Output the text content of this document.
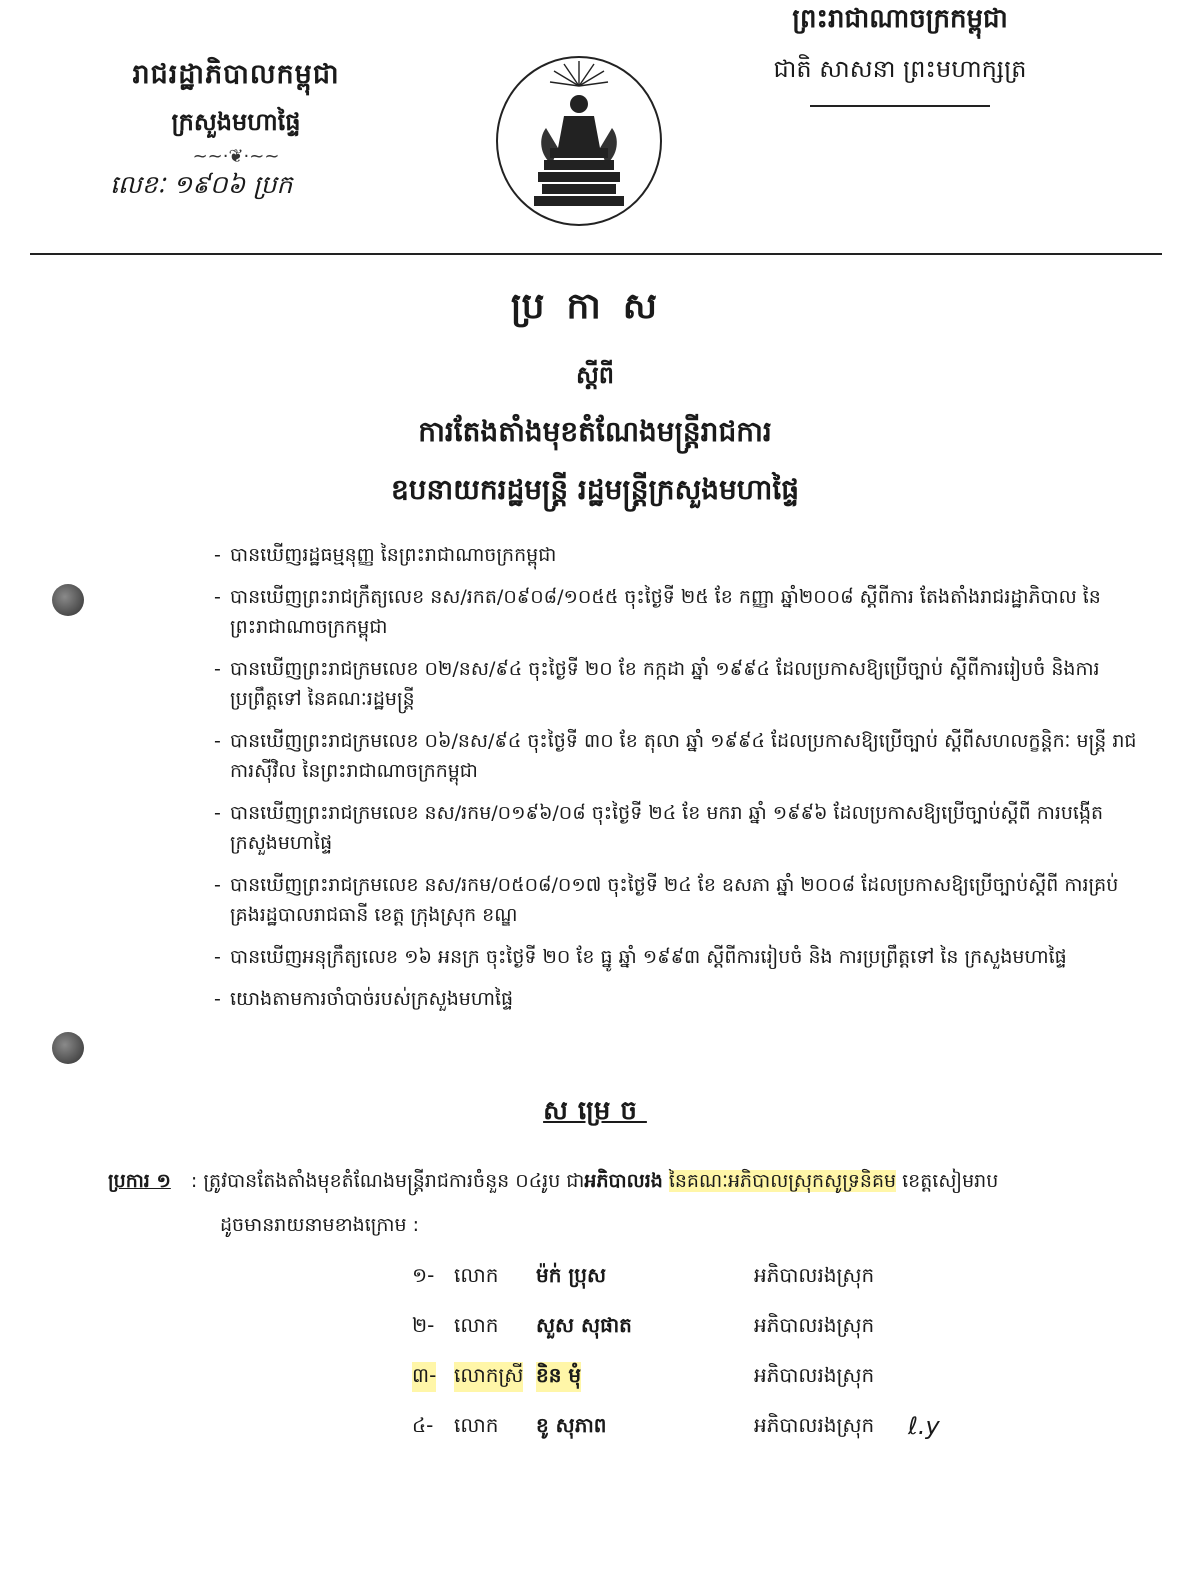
រាជរដ្ឋាភិបាលកម្ពុជា
ក្រសួងមហាផ្ទៃ
~~·❦·~~
លេខៈ ១៩០៦ ប្រក
ព្រះរាជាណាចក្រកម្ពុជា
ជាតិ សាសនា ព្រះមហាក្សត្រ
ប្រកាស
ស្តីពី
ការតែងតាំងមុខតំណែងមន្ត្រីរាជការ
ឧបនាយករដ្ឋមន្ត្រី រដ្ឋមន្ត្រីក្រសួងមហាផ្ទៃ
- បានឃើញរដ្ឋធម្មនុញ្ញ នៃព្រះរាជាណាចក្រកម្ពុជា
- បានឃើញព្រះរាជក្រឹត្យលេខ នស/រកត/០៩០៨/១០៥៥ ចុះថ្ងៃទី ២៥ ខែ កញ្ញា ឆ្នាំ២០០៨ ស្តីពីការ តែងតាំងរាជរដ្ឋាភិបាល នៃព្រះរាជាណាចក្រកម្ពុជា
- បានឃើញព្រះរាជក្រមលេខ ០២/នស/៩៤ ចុះថ្ងៃទី ២០ ខែ កក្កដា ឆ្នាំ ១៩៩៤ ដែលប្រកាសឱ្យប្រើច្បាប់ ស្តីពីការរៀបចំ និងការប្រព្រឹត្តទៅ នៃគណៈរដ្ឋមន្ត្រី
- បានឃើញព្រះរាជក្រមលេខ ០៦/នស/៩៤ ចុះថ្ងៃទី ៣០ ខែ តុលា ឆ្នាំ ១៩៩៤ ដែលប្រកាសឱ្យប្រើច្បាប់ ស្តីពីសហលក្ខន្តិកៈ មន្ត្រី រាជការស៊ីវិល នៃព្រះរាជាណាចក្រកម្ពុជា
- បានឃើញព្រះរាជក្រមលេខ នស/រកម/០១៩៦/០៨ ចុះថ្ងៃទី ២៤ ខែ មករា ឆ្នាំ ១៩៩៦ ដែលប្រកាសឱ្យប្រើច្បាប់ស្តីពី ការបង្កើតក្រសួងមហាផ្ទៃ
- បានឃើញព្រះរាជក្រមលេខ នស/រកម/០៥០៨/០១៧ ចុះថ្ងៃទី ២៤ ខែ ឧសភា ឆ្នាំ ២០០៨ ដែលប្រកាសឱ្យប្រើច្បាប់ស្តីពី ការគ្រប់គ្រងរដ្ឋបាលរាជធានី ខេត្ត ក្រុងស្រុក ខណ្ឌ
- បានឃើញអនុក្រឹត្យលេខ ១៦ អនក្រ ចុះថ្ងៃទី ២០ ខែ ធ្នូ ឆ្នាំ ១៩៩៣ ស្តីពីការរៀបចំ និង ការប្រព្រឹត្តទៅ នៃ ក្រសួងមហាផ្ទៃ
- យោងតាមការចាំបាច់របស់ក្រសួងមហាផ្ទៃ
សម្រេច
ប្រការ ១ : ត្រូវបានតែងតាំងមុខតំណែងមន្ត្រីរាជការចំនួន ០៤រូប ជាអភិបាលរង នៃគណៈអភិបាលស្រុកសូទ្រនិគម ខេត្តសៀមរាប
ដូចមានរាយនាមខាងក្រោម :
១- លោក ម៉ក់ ប្រុស	អភិបាលរងស្រុក
២- លោក សួស សុផាត	អភិបាលរងស្រុក
៣- លោកស្រី ខិន មុំ	អភិបាលរងស្រុក
៤- លោក ខូ សុភាព	អភិបាលរងស្រុក ℓ.y
